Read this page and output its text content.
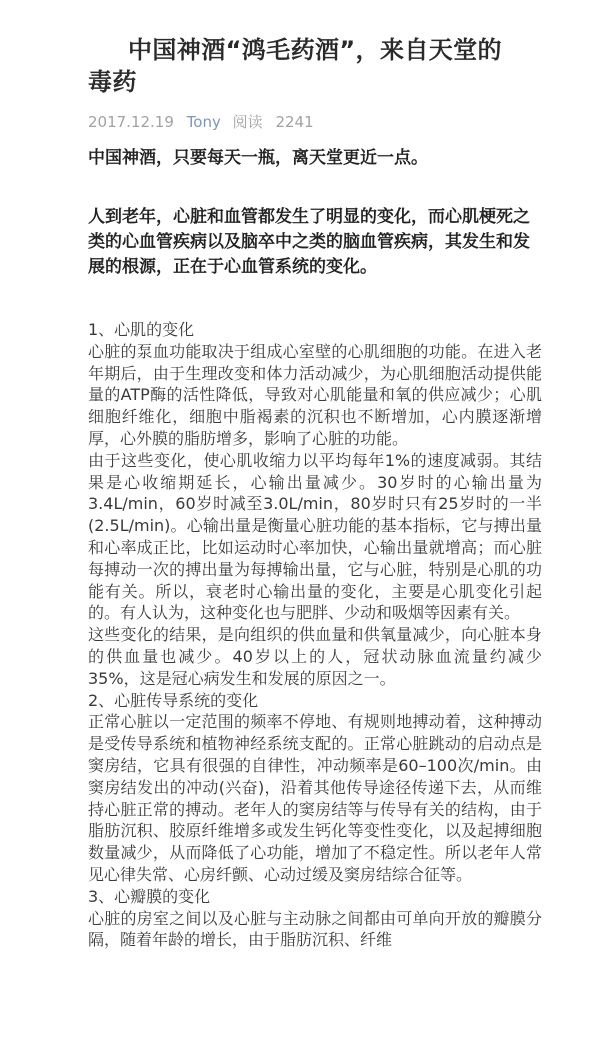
中国神酒“鸿毛药酒”，来自天堂的
毒药
2017.12.19 Tony 阅读 2241
中国神酒，只要每天一瓶，离天堂更近一点。
人到老年，心脏和血管都发生了明显的变化，而心肌梗死之类的心血管疾病以及脑卒中之类的脑血管疾病，其发生和发展的根源，正在于心血管系统的变化。
1、心肌的变化

心脏的泵血功能取决于组成心室壁的心肌细胞的功能。在进入老年期后，由于生理改变和体力活动减少，为心肌细胞活动提供能量的ATP酶的活性降低，导致对心肌能量和氧的供应减少；心肌细胞纤维化，细胞中脂褐素的沉积也不断增加，心内膜逐渐增厚，心外膜的脂肪增多，影响了心脏的功能。

由于这些变化，使心肌收缩力以平均每年1%的速度减弱。其结果是心收缩期延长，心输出量减少。30岁时的心输出量为3.4L/min，60岁时减至3.0L/min，80岁时只有25岁时的一半(2.5L/min)。心输出量是衡量心脏功能的基本指标，它与搏出量和心率成正比，比如运动时心率加快，心输出量就增高；而心脏每搏动一次的搏出量为每搏输出量，它与心脏，特别是心肌的功能有关。所以，衰老时心输出量的变化，主要是心肌变化引起的。有人认为，这种变化也与肥胖、少动和吸烟等因素有关。

这些变化的结果，是向组织的供血量和供氧量减少，向心脏本身的供血量也减少。40岁以上的人，冠状动脉血流量约减少35%，这是冠心病发生和发展的原因之一。

2、心脏传导系统的变化

正常心脏以一定范围的频率不停地、有规则地搏动着，这种搏动是受传导系统和植物神经系统支配的。正常心脏跳动的启动点是窦房结，它具有很强的自律性，冲动频率是60–100次/min。由窦房结发出的冲动(兴奋)，沿着其他传导途径传递下去，从而维持心脏正常的搏动。老年人的窦房结等与传导有关的结构，由于脂肪沉积、胶原纤维增多或发生钙化等变性变化，以及起搏细胞数量减少，从而降低了心功能，增加了不稳定性。所以老年人常见心律失常、心房纤颤、心动过缓及窦房结综合征等。

3、心瓣膜的变化

心脏的房室之间以及心脏与主动脉之间都由可单向开放的瓣膜分隔，随着年龄的增长，由于脂肪沉积、纤维
